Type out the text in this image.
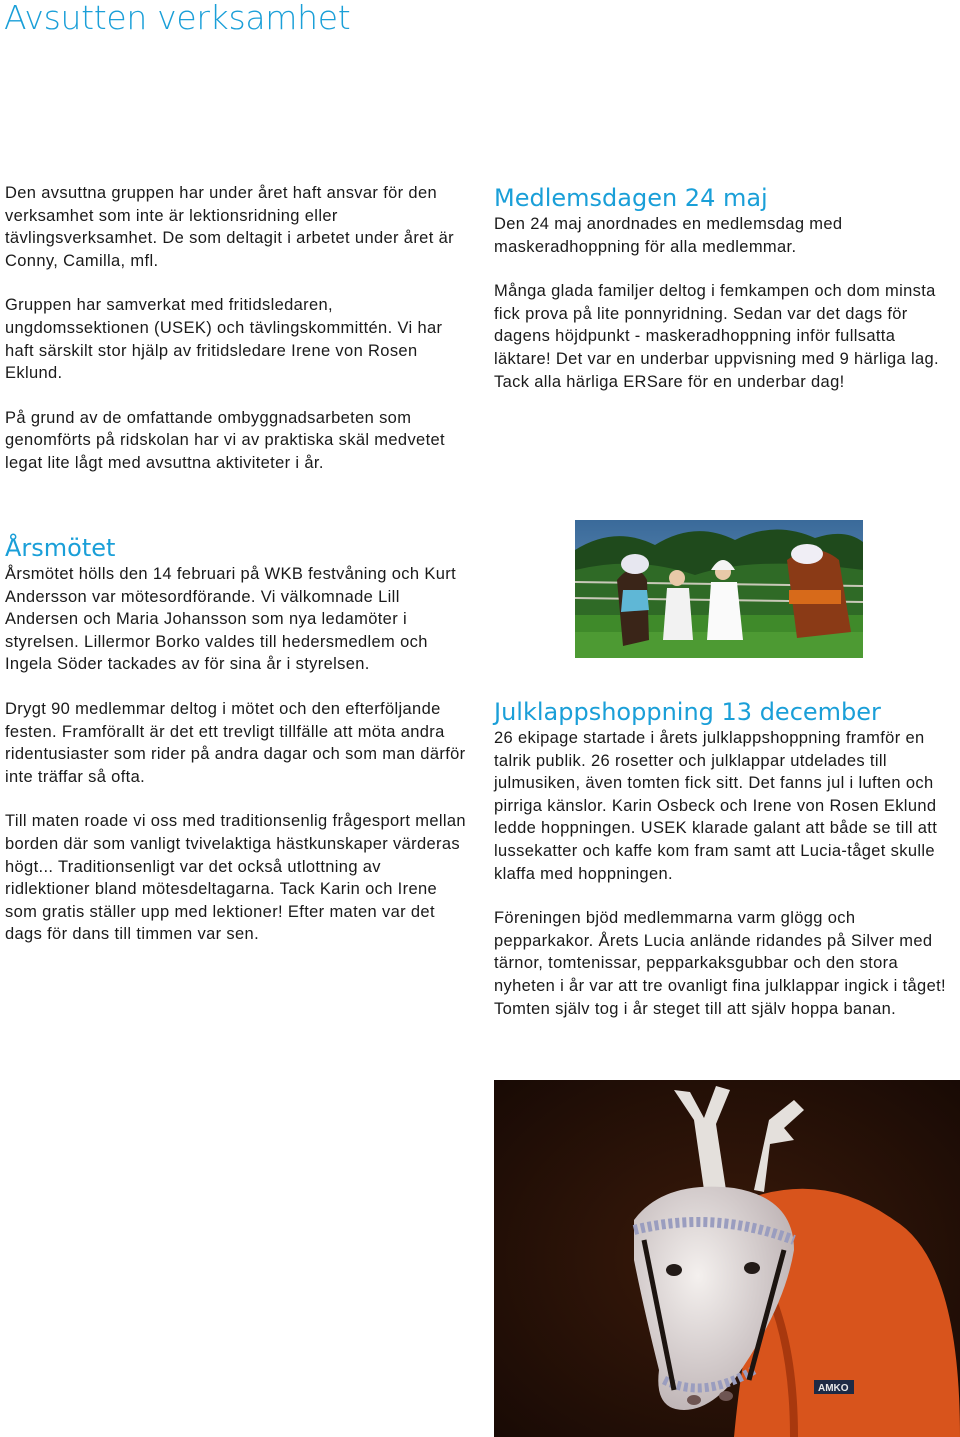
Avsutten verksamhet

Den avsuttna gruppen har under året haft ansvar för den verksamhet som inte är lektionsridning eller tävlingsverksamhet. De som deltagit i arbetet under året är Conny, Camilla, mfl.

Gruppen har samverkat med fritidsledaren, ungdomssektionen (USEK) och tävlingskommittén. Vi har haft särskilt stor hjälp av fritidsledare Irene von Rosen Eklund.

På grund av de omfattande ombyggnadsarbeten som genomförts på ridskolan har vi av praktiska skäl medvetet legat lite lågt med avsuttna aktiviteter i år.

Medlemsdagen 24 maj

Den 24 maj anordnades en medlemsdag med maskeradhoppning för alla medlemmar.

Många glada familjer deltog i femkampen och dom minsta fick prova på lite ponnyridning. Sedan var det dags för dagens höjdpunkt - maskeradhoppning inför fullsatta läktare! Det var en underbar uppvisning med 9 härliga lag. Tack alla härliga ERSare för en underbar dag!

Årsmötet

Årsmötet hölls den 14 februari på WKB festvåning och Kurt Andersson var mötesordförande. Vi välkomnade Lill Andersen och Maria Johansson som nya ledamöter i styrelsen. Lillermor Borko valdes till hedersmedlem och Ingela Söder tackades av för sina år i styrelsen.

Drygt 90 medlemmar deltog i mötet och den efterföljande festen. Framförallt är det ett trevligt tillfälle att möta andra ridentusiaster som rider på andra dagar och som man därför inte träffar så ofta.

Till maten roade vi oss med traditionsenlig frågesport mellan borden där som vanligt tvivelaktiga hästkunskaper värderas högt... Traditionsenligt var det också utlottning av ridlektioner bland mötesdeltagarna. Tack Karin och Irene som gratis ställer upp med lektioner! Efter maten var det dags för dans till timmen var sen.

Julklappshoppning 13 december

26 ekipage startade i årets julklappshoppning framför en talrik publik. 26 rosetter och julklappar utdelades till julmusiken, även tomten fick sitt. Det fanns jul i luften och pirriga känslor. Karin Osbeck och Irene von Rosen Eklund ledde hoppningen. USEK klarade galant att både se till att lussekatter och kaffe kom fram samt att Lucia-tåget skulle klaffa med hoppningen.

Föreningen bjöd medlemmarna varm glögg och pepparkakor. Årets Lucia anlände ridandes på Silver med tärnor, tomtenissar, pepparkaksgubbar och den stora nyheten i år var att tre ovanligt fina julklappar ingick i tåget! Tomten själv tog i år steget till att själv hoppa banan.

AMKO
